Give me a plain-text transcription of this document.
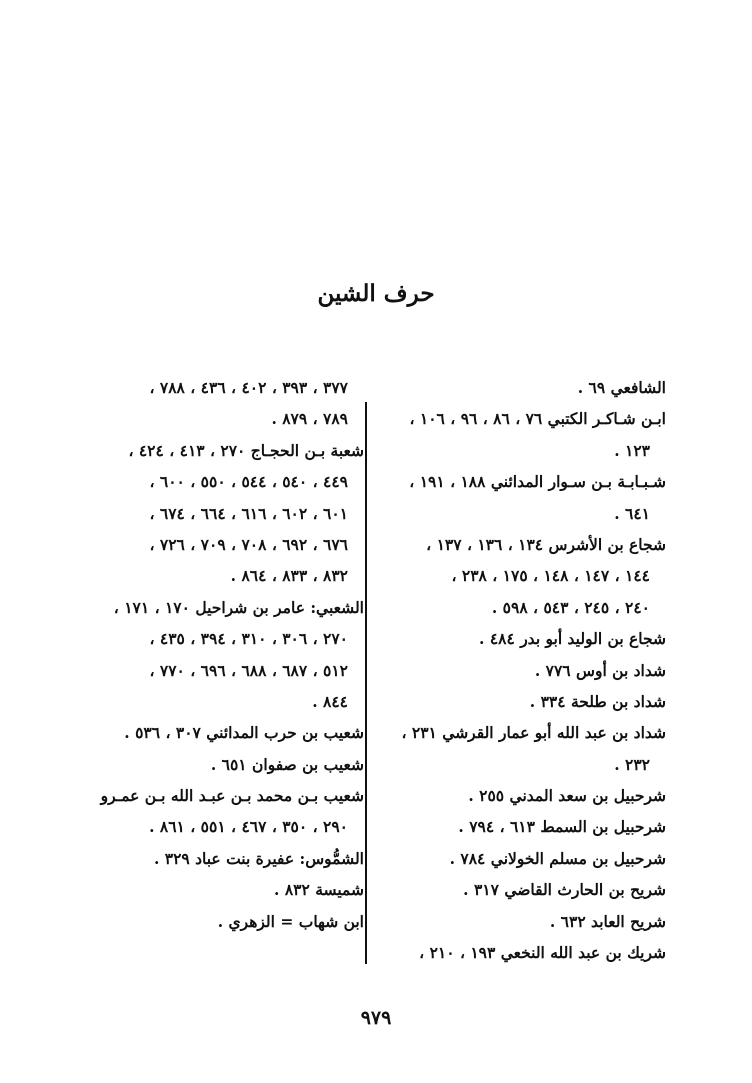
حرف الشين
الشافعي ٦٩ .
ابـن شـاكـر الكتبي ٧٦ ، ٨٦ ، ٩٦ ، ١٠٦ ،
١٢٣ .
شـبـابـة بـن سـوار المدائني ١٨٨ ، ١٩١ ،
٦٤١ .
شجاع بن الأشرس ١٣٤ ، ١٣٦ ، ١٣٧ ،
١٤٤ ، ١٤٧ ، ١٤٨ ، ١٧٥ ، ٢٣٨ ،
٢٤٠ ، ٢٤٥ ، ٥٤٣ ، ٥٩٨ .
شجاع بن الوليد أبو بدر ٤٨٤ .
شداد بن أوس ٧٧٦ .
شداد بن طلحة ٣٣٤ .
شداد بن عبد الله أبو عمار القرشي ٢٣١ ،
٢٣٢ .
شرحبيل بن سعد المدني ٢٥٥ .
شرحبيل بن السمط ٦١٣ ، ٧٩٤ .
شرحبيل بن مسلم الخولاني ٧٨٤ .
شريح بن الحارث القاضي ٣١٧ .
شريح العابد ٦٣٢ .
شريك بن عبد الله النخعي ١٩٣ ، ٢١٠ ،
٣٧٧ ، ٣٩٣ ، ٤٠٢ ، ٤٣٦ ، ٧٨٨ ،
٧٨٩ ، ٨٧٩ .
شعبة بـن الحجـاج ٢٧٠ ، ٤١٣ ، ٤٢٤ ،
٤٤٩ ، ٥٤٠ ، ٥٤٤ ، ٥٥٠ ، ٦٠٠ ،
٦٠١ ، ٦٠٢ ، ٦١٦ ، ٦٦٤ ، ٦٧٤ ،
٦٧٦ ، ٦٩٢ ، ٧٠٨ ، ٧٠٩ ، ٧٢٦ ،
٨٣٢ ، ٨٣٣ ، ٨٦٤ .
الشعبي: عامر بن شراحيل ١٧٠ ، ١٧١ ،
٢٧٠ ، ٣٠٦ ، ٣١٠ ، ٣٩٤ ، ٤٣٥ ،
٥١٢ ، ٦٨٧ ، ٦٨٨ ، ٦٩٦ ، ٧٧٠ ،
٨٤٤ .
شعيب بن حرب المدائني ٣٠٧ ، ٥٣٦ .
شعيب بن صفوان ٦٥١ .
شعيب بـن محمد بـن عبـد الله بـن عمـرو
٢٩٠ ، ٣٥٠ ، ٤٦٧ ، ٥٥١ ، ٨٦١ .
الشمُّوس: عفيرة بنت عباد ٣٢٩ .
شميسة ٨٣٢ .
ابن شهاب = الزهري .
٩٧٩
